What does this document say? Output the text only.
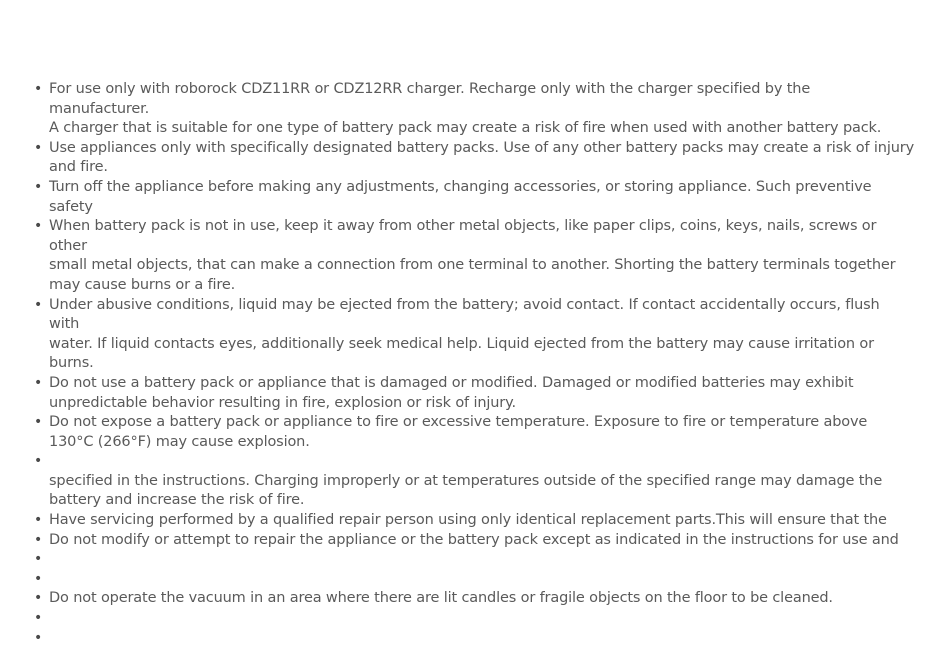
• For use only with roborock CDZ11RR or CDZ12RR charger. Recharge only with the charger specified by the manufacturer.
A charger that is suitable for one type of battery pack may create a risk of fire when used with another battery pack.
• Use appliances only with specifically designated battery packs. Use of any other battery packs may create a risk of injury
and fire.
• Turn off the appliance before making any adjustments, changing accessories, or storing appliance. Such preventive safety

• When battery pack is not in use, keep it away from other metal objects, like paper clips, coins, keys, nails, screws or other
small metal objects, that can make a connection from one terminal to another. Shorting the battery terminals together
may cause burns or a fire.
• Under abusive conditions, liquid may be ejected from the battery; avoid contact. If contact accidentally occurs, flush with
water. If liquid contacts eyes, additionally seek medical help. Liquid ejected from the battery may cause irritation or burns.
• Do not use a battery pack or appliance that is damaged or modified. Damaged or modified batteries may exhibit
unpredictable behavior resulting in fire, explosion or risk of injury.
• Do not expose a battery pack or appliance to fire or excessive temperature. Exposure to fire or temperature above
130°C (266°F) may cause explosion.
•

specified in the instructions. Charging improperly or at temperatures outside of the specified range may damage the
battery and increase the risk of fire.
• Have servicing performed by a qualified repair person using only identical replacement parts.This will ensure that the

• Do not modify or attempt to repair the appliance or the battery pack except as indicated in the instructions for use and

•
•
• Do not operate the vacuum in an area where there are lit candles or fragile objects on the floor to be cleaned.
•
•
